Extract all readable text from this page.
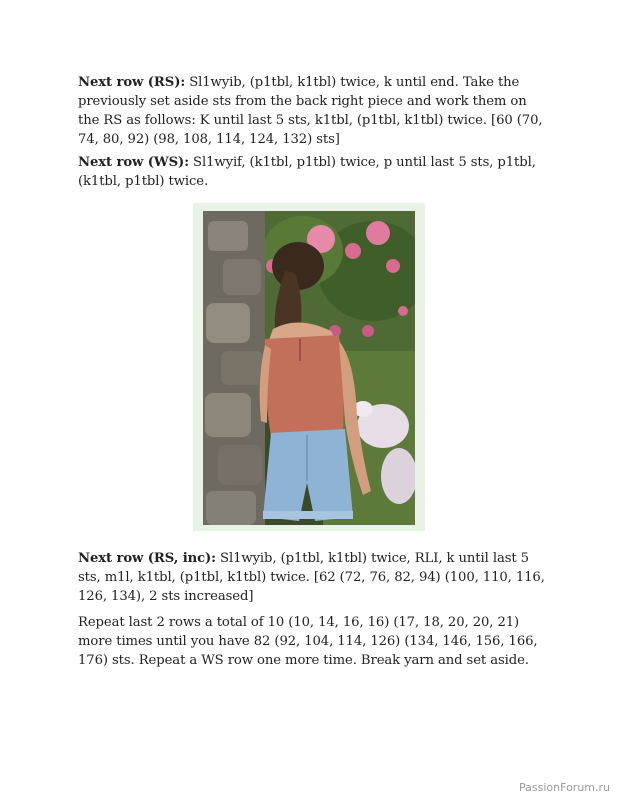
Next row (RS): Sl1wyib, (p1tbl, k1tbl) twice, k until end. Take the previously set aside sts from the back right piece and work them on the RS as follows: K until last 5 sts, k1tbl, (p1tbl, k1tbl) twice. [60 (70, 74, 80, 92) (98, 108, 114, 124, 132) sts]

Next row (WS): Sl1wyif, (k1tbl, p1tbl) twice, p until last 5 sts, p1tbl, (k1tbl, p1tbl) twice.

Next row (RS, inc): Sl1wyib, (p1tbl, k1tbl) twice, RLI, k until last 5 sts, m1l, k1tbl, (p1tbl, k1tbl) twice. [62 (72, 76, 82, 94) (100, 110, 116, 126, 134), 2 sts increased]

Repeat last 2 rows a total of 10 (10, 14, 16, 16) (17, 18, 20, 20, 21) more times until you have 82 (92, 104, 114, 126) (134, 146, 156, 166, 176) sts. Repeat a WS row one more time. Break yarn and set aside.

PassionForum.ru
